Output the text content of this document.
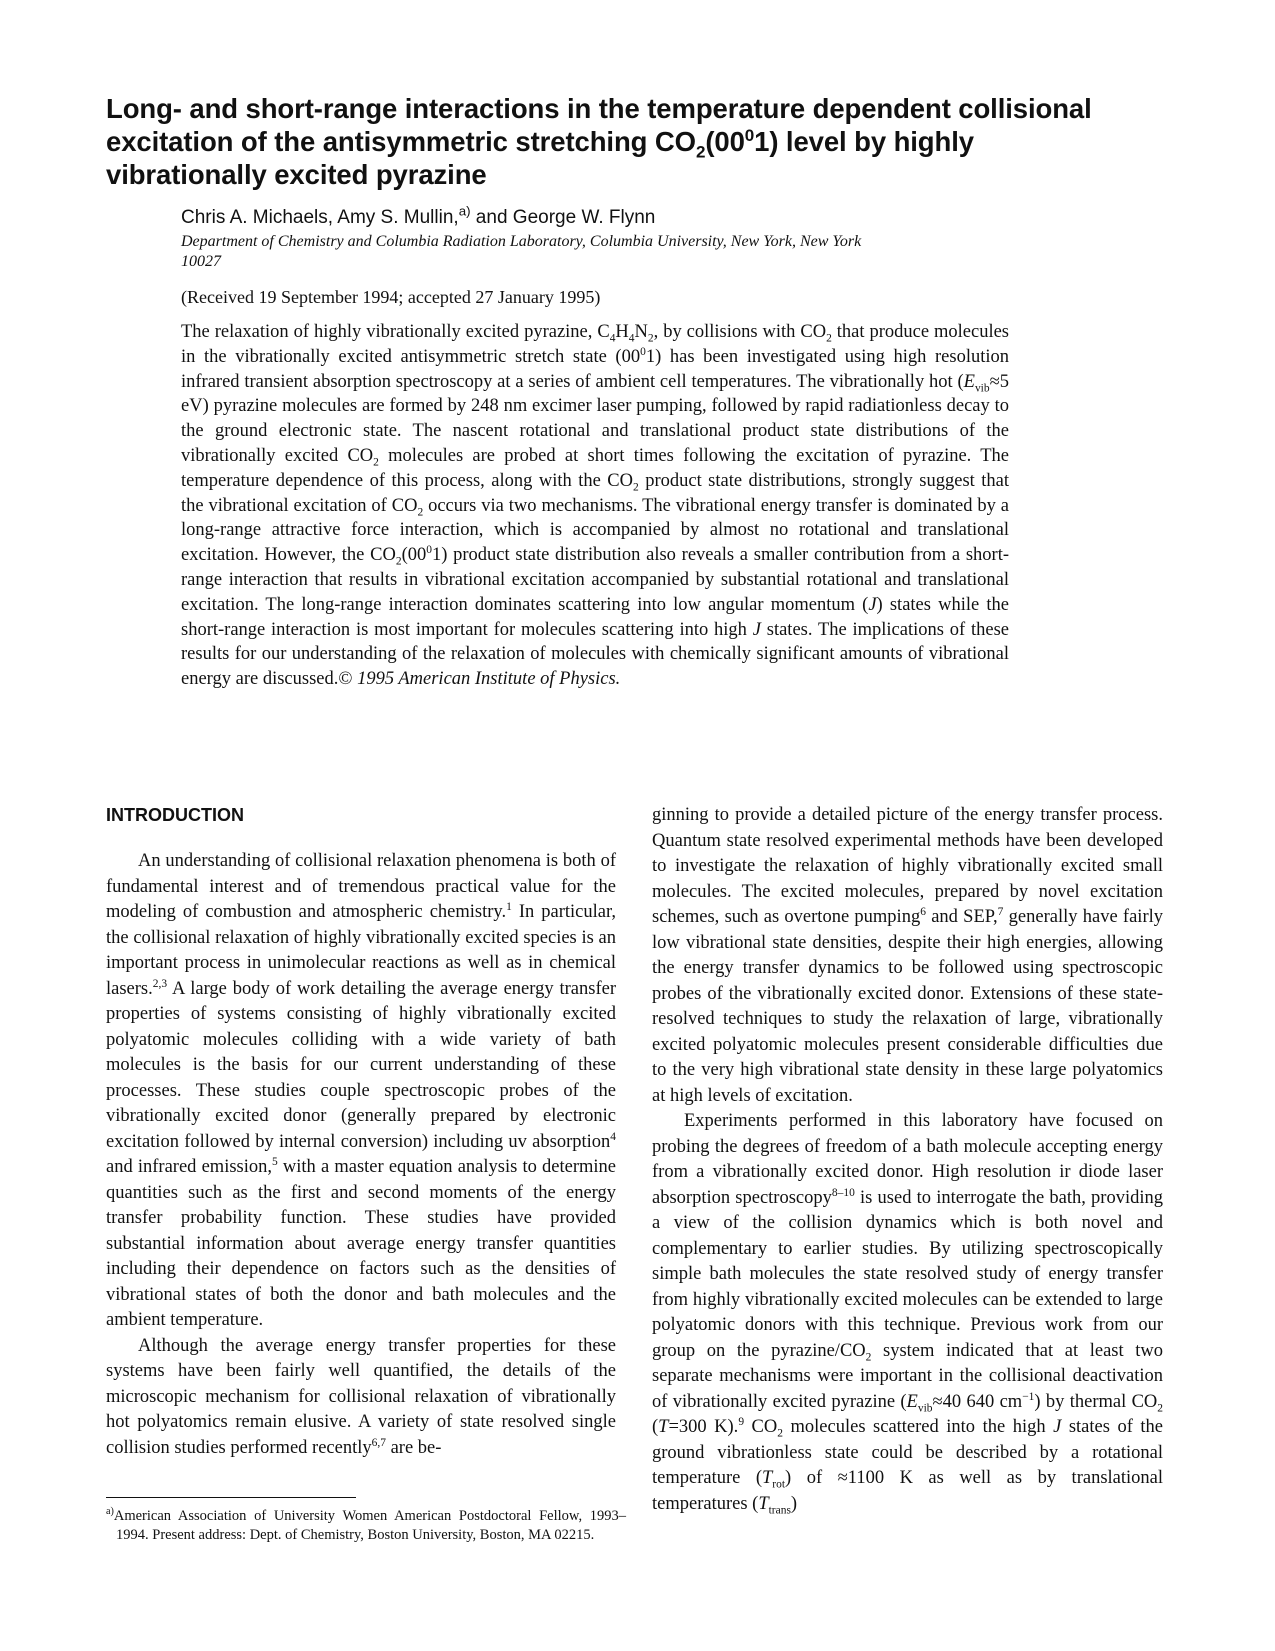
Long- and short-range interactions in the temperature dependent collisional excitation of the antisymmetric stretching $CO_2(00^01)$ level by highly vibrationally excited pyrazine
Chris A. Michaels, Amy S. Mullin,$^{a)}$ and George W. Flynn
Department of Chemistry and Columbia Radiation Laboratory, Columbia University, New York, New York 10027
(Received 19 September 1994; accepted 27 January 1995)

The relaxation of highly vibrationally excited pyrazine, $C_4H_4N_2$, by collisions with $CO_2$ that produce molecules in the vibrationally excited antisymmetric stretch state $(00^01)$ has been investigated using high resolution infrared transient absorption spectroscopy at a series of ambient cell temperatures. The vibrationally hot ($E_{vib}\approx 5$ eV) pyrazine molecules are formed by 248 nm excimer laser pumping, followed by rapid radiationless decay to the ground electronic state. The nascent rotational and translational product state distributions of the vibrationally excited $CO_2$ molecules are probed at short times following the excitation of pyrazine. The temperature dependence of this process, along with the $CO_2$ product state distributions, strongly suggest that the vibrational excitation of $CO_2$ occurs via two mechanisms. The vibrational energy transfer is dominated by a long-range attractive force interaction, which is accompanied by almost no rotational and translational excitation. However, the $CO_2(00^01)$ product state distribution also reveals a smaller contribution from a short-range interaction that results in vibrational excitation accompanied by substantial rotational and translational excitation. The long-range interaction dominates scattering into low angular momentum (J) states while the short-range interaction is most important for molecules scattering into high J states. The implications of these results for our understanding of the relaxation of molecules with chemically significant amounts of vibrational energy are discussed.© 1995 American Institute of Physics.

INTRODUCTION

An understanding of collisional relaxation phenomena is both of fundamental interest and of tremendous practical value for the modeling of combustion and atmospheric chemistry.$^1$ In particular, the collisional relaxation of highly vibrationally excited species is an important process in unimolecular reactions as well as in chemical lasers.$^{2,3}$ A large body of work detailing the average energy transfer properties of systems consisting of highly vibrationally excited polyatomic molecules colliding with a wide variety of bath molecules is the basis for our current understanding of these processes. These studies couple spectroscopic probes of the vibrationally excited donor (generally prepared by electronic excitation followed by internal conversion) including uv absorption$^4$ and infrared emission,$^5$ with a master equation analysis to determine quantities such as the first and second moments of the energy transfer probability function. These studies have provided substantial information about average energy transfer quantities including their dependence on factors such as the densities of vibrational states of both the donor and bath molecules and the ambient temperature.

Although the average energy transfer properties for these systems have been fairly well quantified, the details of the microscopic mechanism for collisional relaxation of vibrationally hot polyatomics remain elusive. A variety of state resolved single collision studies performed recently$^{6,7}$ are be-

ginning to provide a detailed picture of the energy transfer process. Quantum state resolved experimental methods have been developed to investigate the relaxation of highly vibrationally excited small molecules. The excited molecules, prepared by novel excitation schemes, such as overtone pumping$^6$ and SEP,$^7$ generally have fairly low vibrational state densities, despite their high energies, allowing the energy transfer dynamics to be followed using spectroscopic probes of the vibrationally excited donor. Extensions of these state-resolved techniques to study the relaxation of large, vibrationally excited polyatomic molecules present considerable difficulties due to the very high vibrational state density in these large polyatomics at high levels of excitation.

Experiments performed in this laboratory have focused on probing the degrees of freedom of a bath molecule accepting energy from a vibrationally excited donor. High resolution ir diode laser absorption spectroscopy$^{8-10}$ is used to interrogate the bath, providing a view of the collision dynamics which is both novel and complementary to earlier studies. By utilizing spectroscopically simple bath molecules the state resolved study of energy transfer from highly vibrationally excited molecules can be extended to large polyatomic donors with this technique. Previous work from our group on the pyrazine/$CO_2$ system indicated that at least two separate mechanisms were important in the collisional deactivation of vibrationally excited pyrazine ($E_{vib}\approx 40$ 640 $cm^{-1}$) by thermal $CO_2$ (T=300 K).$^9$ $CO_2$ molecules scattered into the high J states of the ground vibrationless state could be described by a rotational temperature $(T_{rot})$ of ≈1100 K as well as by translational temperatures $(T_{trans})$

$^{a)}$American Association of University Women American Postdoctoral Fellow, 1993–1994. Present address: Dept. of Chemistry, Boston University, Boston, MA 02215.
